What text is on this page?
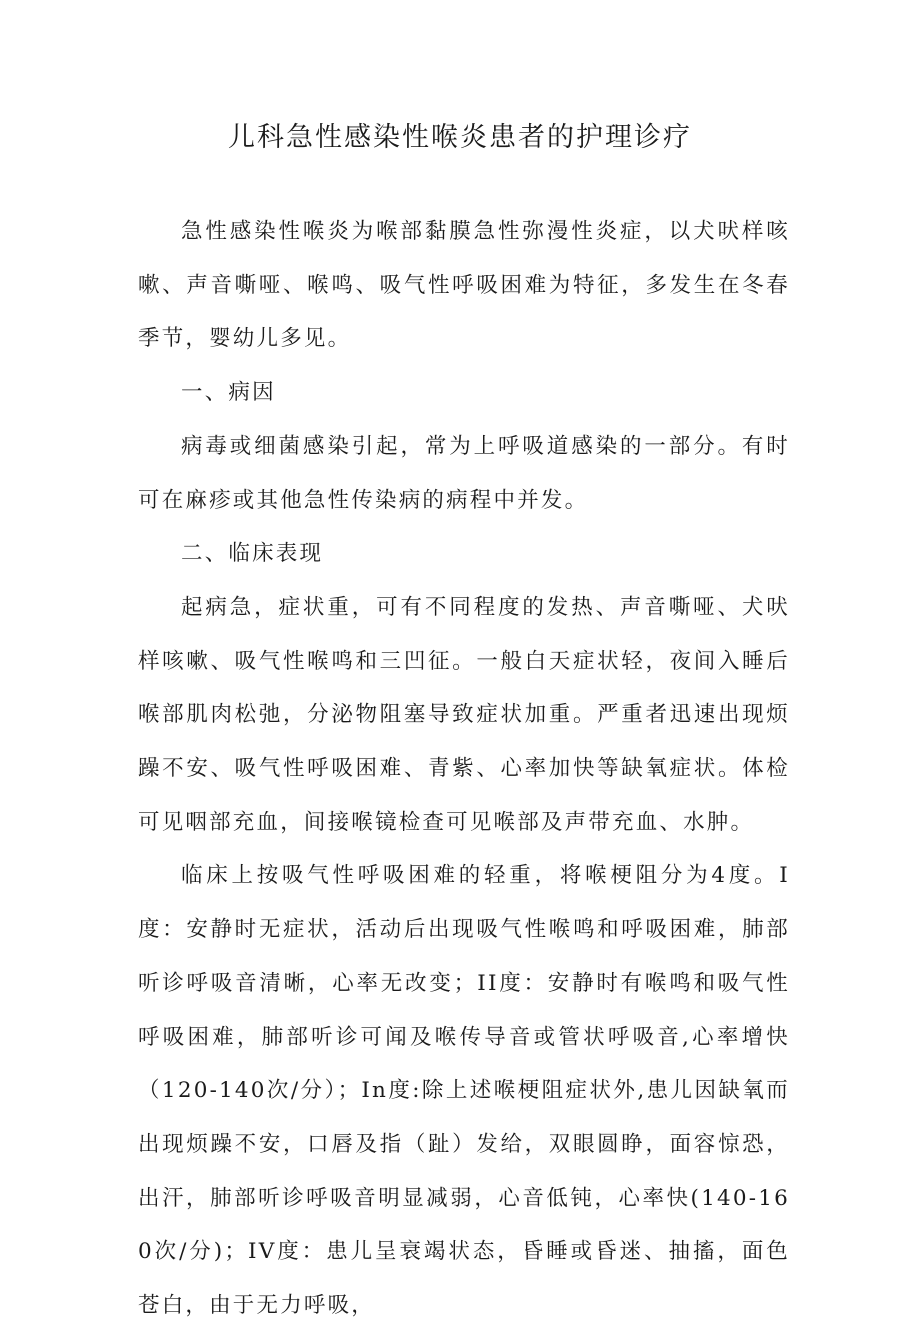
儿科急性感染性喉炎患者的护理诊疗

急性感染性喉炎为喉部黏膜急性弥漫性炎症，以犬吠样咳嗽、声音嘶哑、喉鸣、吸气性呼吸困难为特征，多发生在冬春季节，婴幼儿多见。

一、病因

病毒或细菌感染引起，常为上呼吸道感染的一部分。有时可在麻疹或其他急性传染病的病程中并发。

二、临床表现

起病急，症状重，可有不同程度的发热、声音嘶哑、犬吠样咳嗽、吸气性喉鸣和三凹征。一般白天症状轻，夜间入睡后喉部肌肉松弛，分泌物阻塞导致症状加重。严重者迅速出现烦躁不安、吸气性呼吸困难、青紫、心率加快等缺氧症状。体检可见咽部充血，间接喉镜检查可见喉部及声带充血、水肿。

临床上按吸气性呼吸困难的轻重，将喉梗阻分为4度。I度：安静时无症状，活动后出现吸气性喉鸣和呼吸困难，肺部听诊呼吸音清晰，心率无改变；II度：安静时有喉鸣和吸气性呼吸困难，肺部听诊可闻及喉传导音或管状呼吸音,心率增快（120-140次/分）；In度:除上述喉梗阻症状外,患儿因缺氧而出现烦躁不安，口唇及指（趾）发给，双眼圆睁，面容惊恐，出汗，肺部听诊呼吸音明显减弱，心音低钝，心率快(140-160次/分)；IV度：患儿呈衰竭状态，昏睡或昏迷、抽搐，面色苍白，由于无力呼吸，
